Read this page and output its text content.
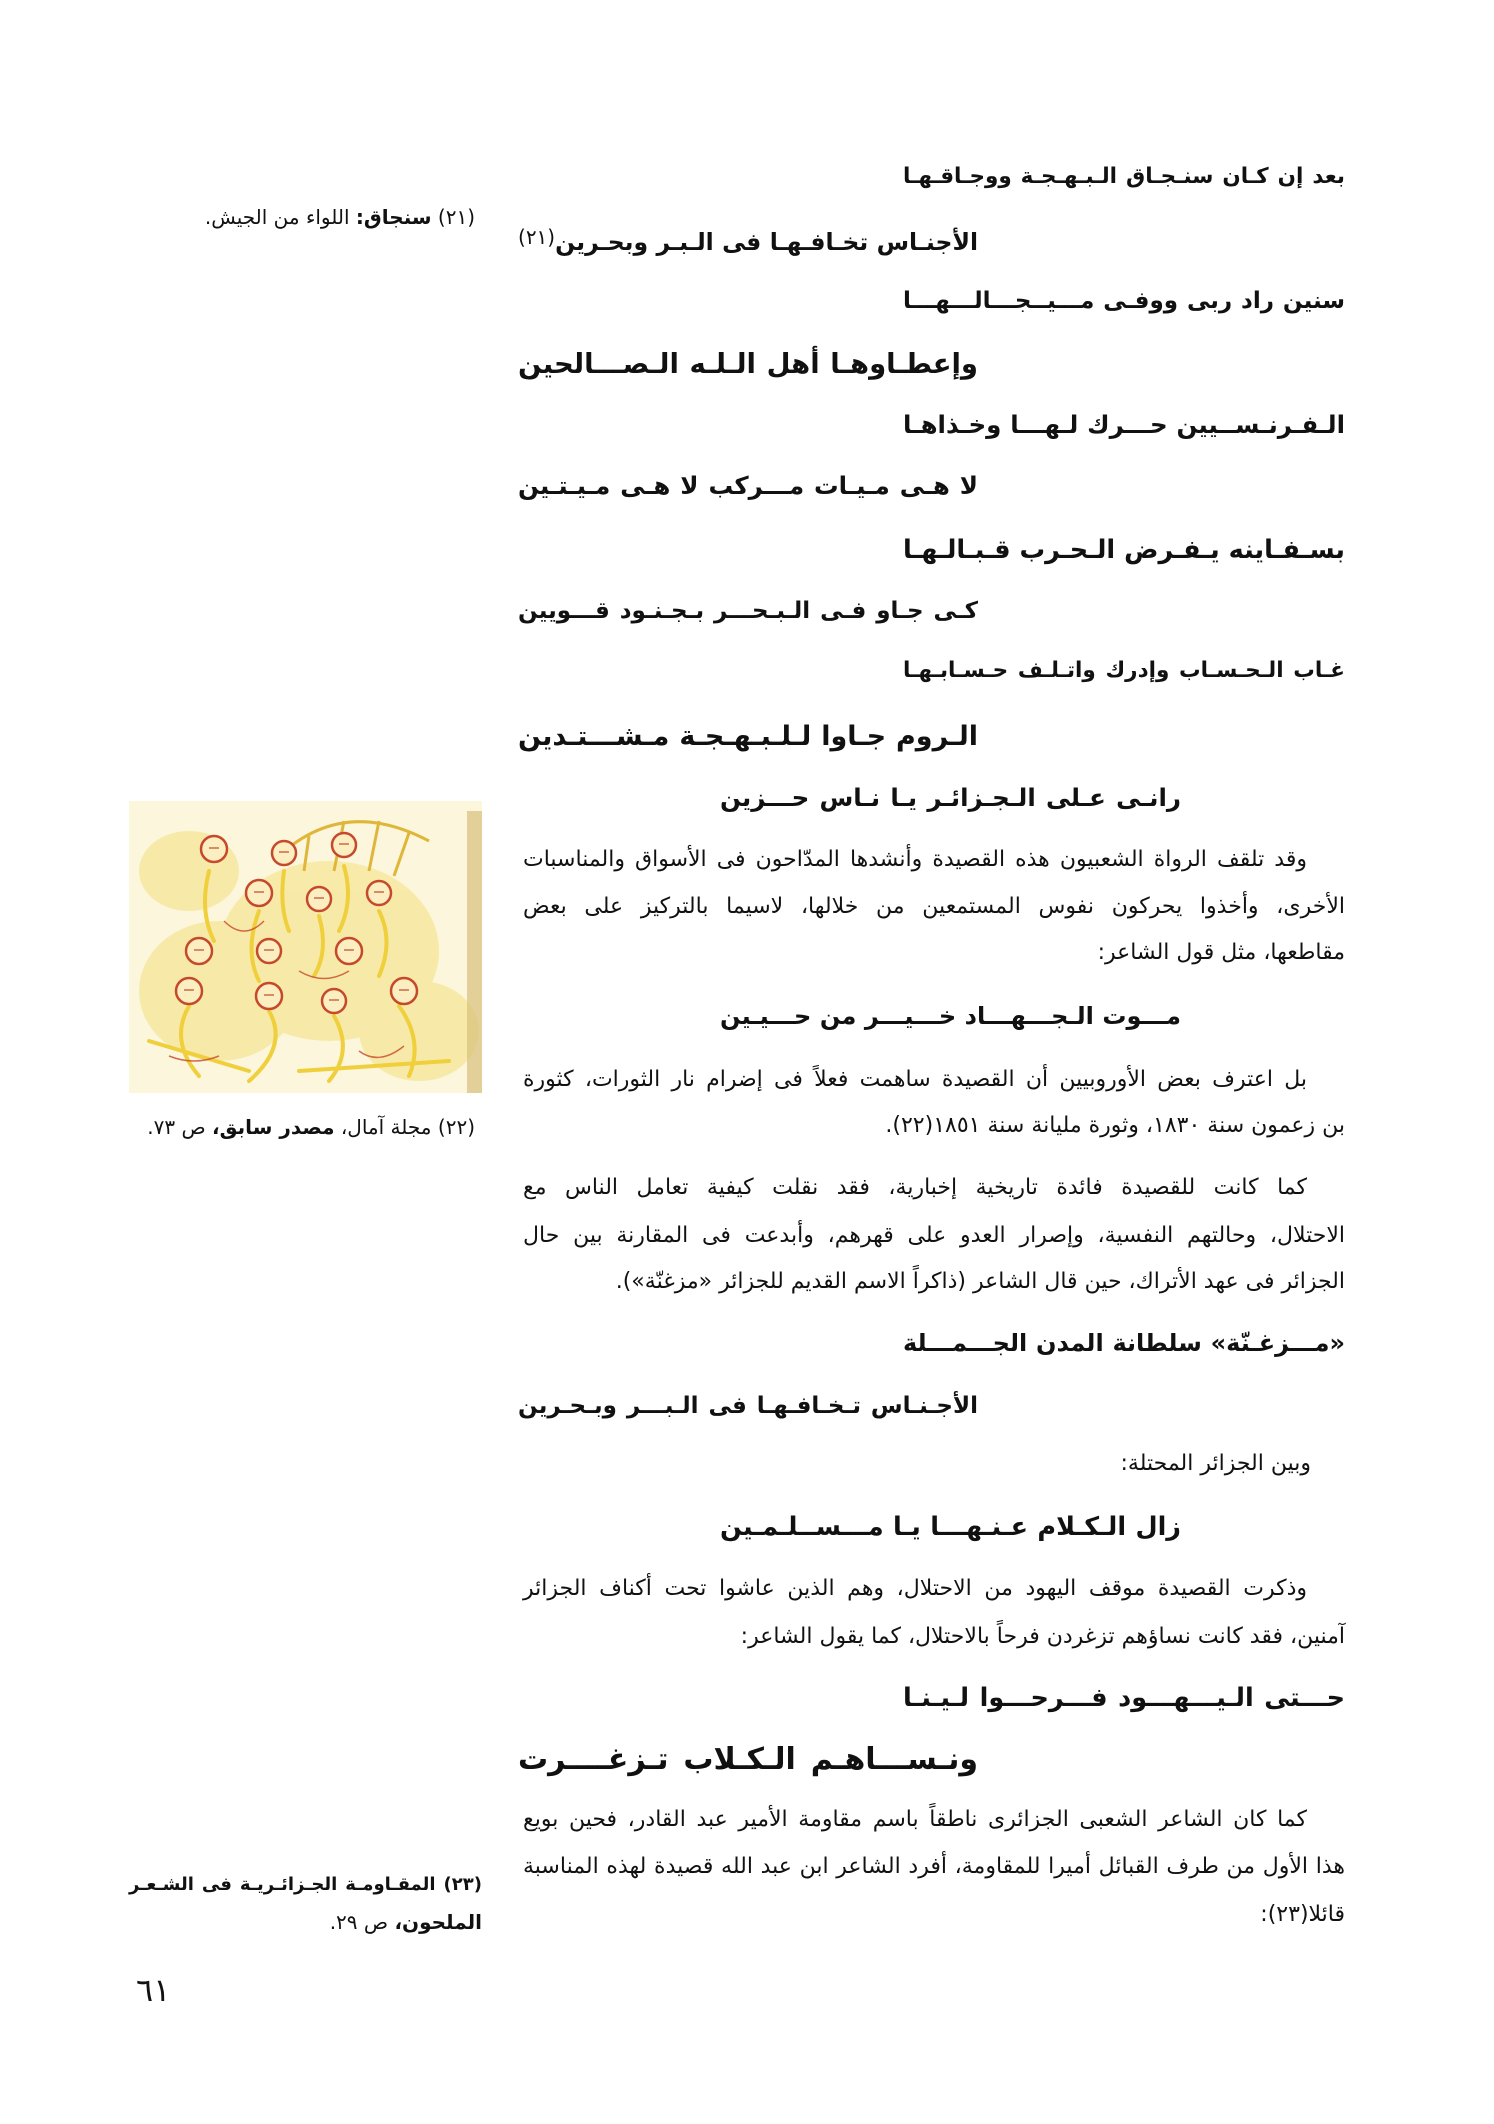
بعد إن كـان سنـجـاق الـبـهـجـة ووجـاقـهـا
الأجنـاس تخـافـهـا فى الـبـر وبحـرين(٢١)
سنين راد ربى ووفـى مـــيــجـــالـــهـــا
وإعطـاوهـا أهل الـلـه الـصـــالحين
الـفـرنـســيين حـــرك لـهـــا وخـذاهـا
لا هـى مـيـات مـــركب لا هـى مـيـتـين
بسـفـاينه يـفـرض الـحـرب قـبـالـهـا
كـى جـاو فـى الـبـحـــر بـجـنـود قـــويين
غـاب الـحـسـاب وإدرك واتـلـف حـسـابـهـا
الـروم جـاوا لـلـبـهـجـة مـشـــتـدين
رانـى عـلى الـجـزائـر يـا نـاس حـــزين
وقد تلقف الرواة الشعبيون هذه القصيدة وأنشدها المدّاحون فى الأسواق والمناسبات
الأخرى، وأخذوا يحركون نفوس المستمعين من خلالها، لاسيما بالتركيز على بعض
مقاطعها، مثل قول الشاعر:
مـــوت الـجـــهـــاد خـــيـــر من حـــيـين
بل اعترف بعض الأوروبيين أن القصيدة ساهمت فعلاً فى إضرام نار الثورات، كثورة
بن زعمون سنة ١٨٣٠، وثورة مليانة سنة ١٨٥١(٢٢).
كما كانت للقصيدة فائدة تاريخية إخبارية، فقد نقلت كيفية تعامل الناس مع
الاحتلال، وحالتهم النفسية، وإصرار العدو على قهرهم، وأبدعت فى المقارنة بين حال
الجزائر فى عهد الأتراك، حين قال الشاعر (ذاكراً الاسم القديم للجزائر «مزغنّة»).
«مـــزغـنّة» سلطانة المدن الجـــمـــلة
الأجـنـاس تـخـافـهـا فى الـبـــر وبـحـرين
وبين الجزائر المحتلة:
زال الـكـلام عـنـهـــا يـا مـــســلـمـين
وذكرت القصيدة موقف اليهود من الاحتلال، وهم الذين عاشوا تحت أكناف الجزائر
آمنين، فقد كانت نساؤهم تزغردن فرحاً بالاحتلال، كما يقول الشاعر:
حـــتى الـيـــهـــود فـــرحـــوا لـيـنـا
ونـســـاهـم الـكـلاب تـزغــــرت
كما كان الشاعر الشعبى الجزائرى ناطقاً باسم مقاومة الأمير عبد القادر، فحين بويع
هذا الأول من طرف القبائل أميرا للمقاومة، أفرد الشاعر ابن عبد الله قصيدة لهذه المناسبة
قائلا(٢٣):
(٢١) سنجاق: اللواء من الجيش.
(٢٢) مجلة آمال، مصدر سابق، ص ٧٣.
(٢٣) المقـاومـة الجـزائـريـة فى الشـعـر
الملحون، ص ٢٩.
٦١
